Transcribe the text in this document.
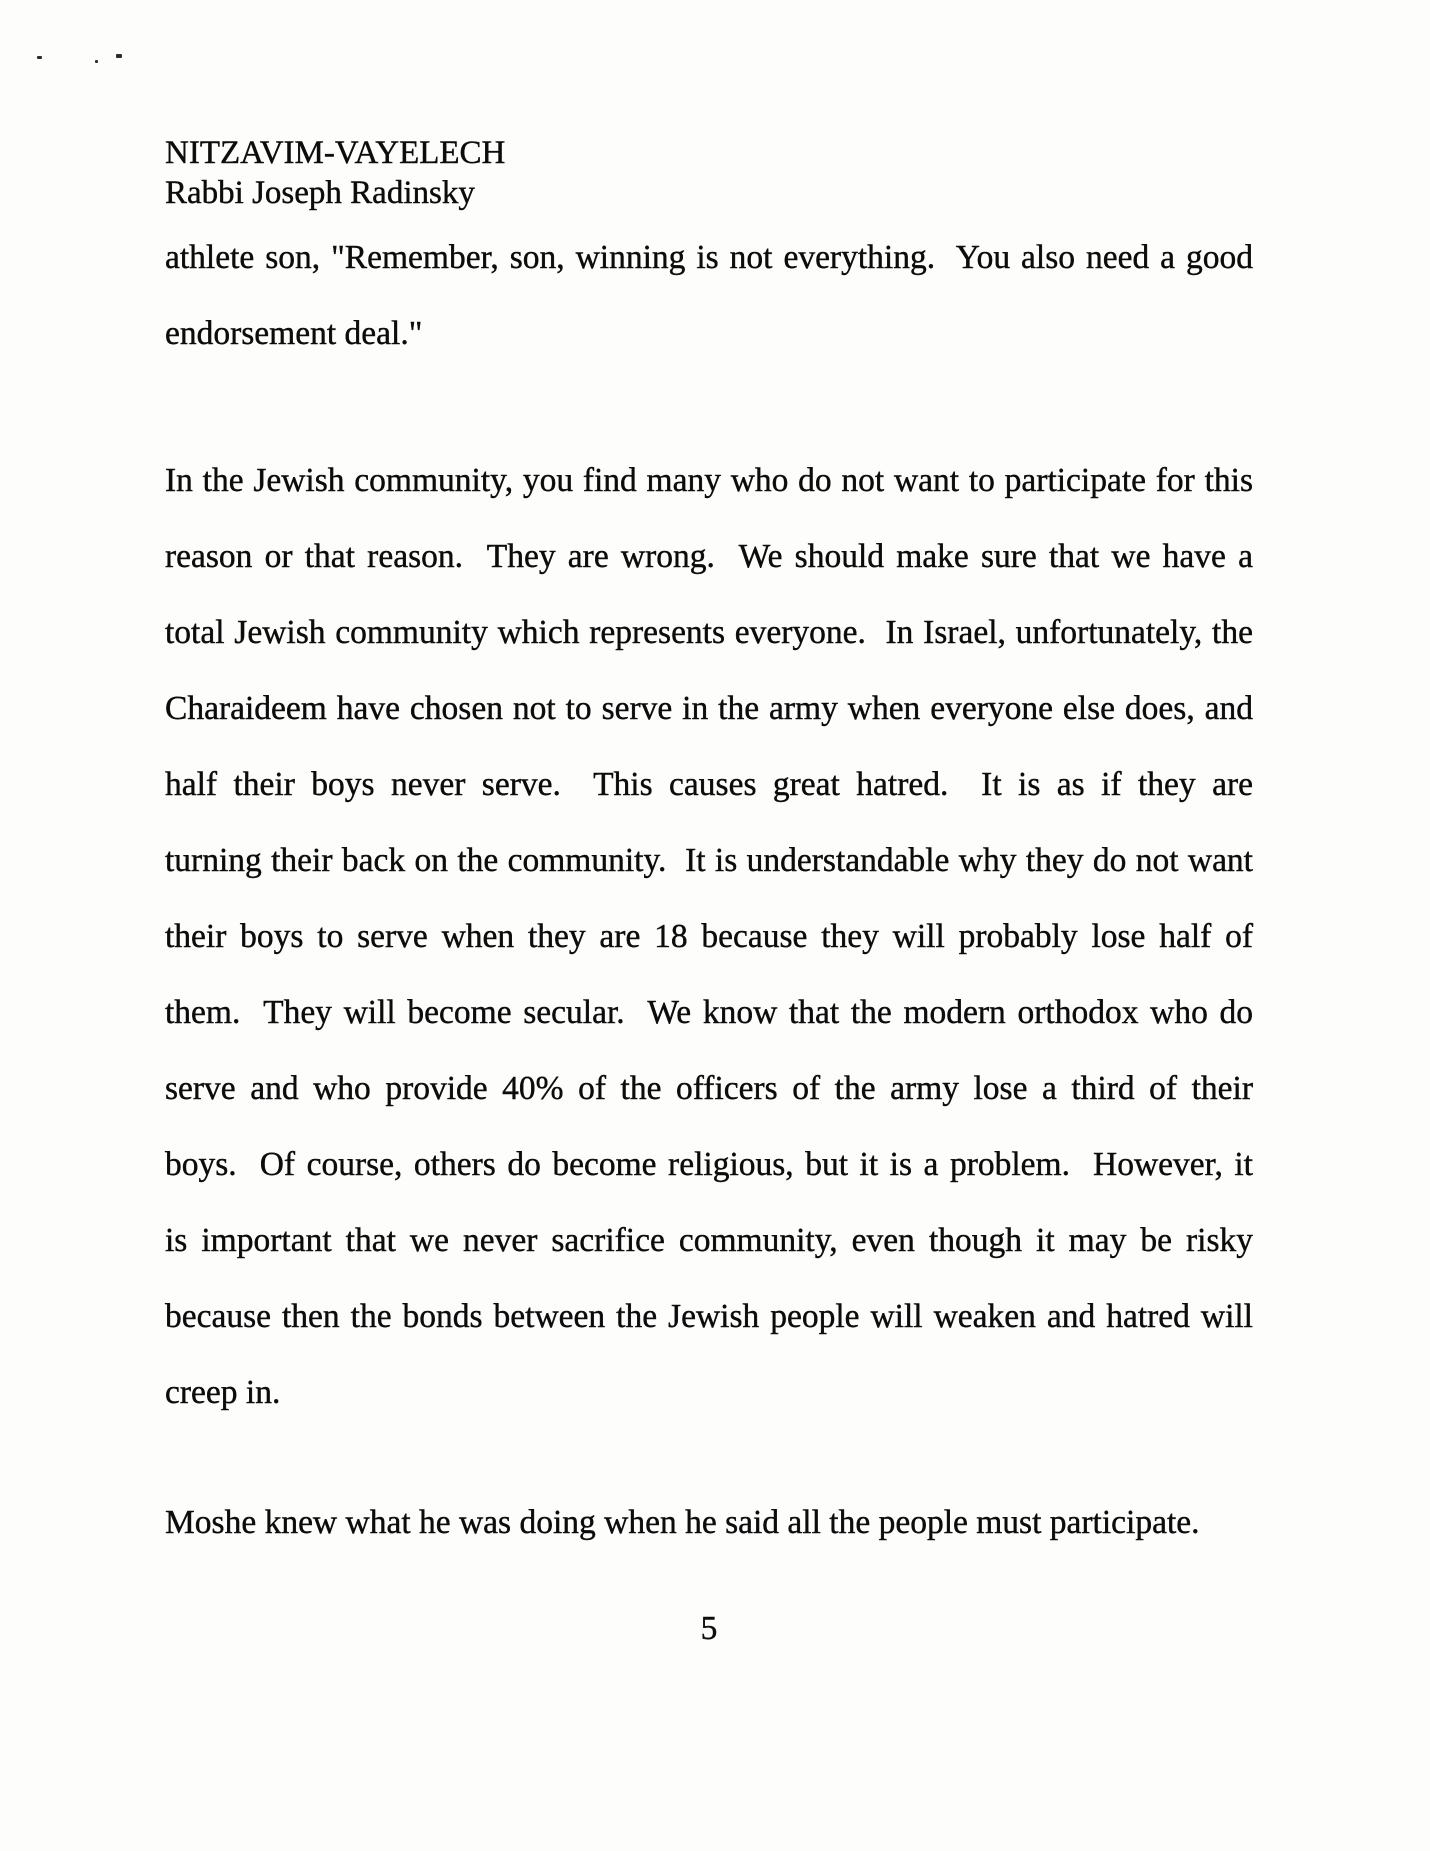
NITZAVIM-VAYELECH
Rabbi Joseph Radinsky
athlete son, "Remember, son, winning is not everything.  You also need a good
endorsement deal."
In the Jewish community, you find many who do not want to participate for this
reason or that reason.  They are wrong.  We should make sure that we have a
total Jewish community which represents everyone.  In Israel, unfortunately, the
Charaideem have chosen not to serve in the army when everyone else does, and
half their boys never serve.  This causes great hatred.  It is as if they are
turning their back on the community.  It is understandable why they do not want
their boys to serve when they are 18 because they will probably lose half of
them.  They will become secular.  We know that the modern orthodox who do
serve and who provide 40% of the officers of the army lose a third of their
boys.  Of course, others do become religious, but it is a problem.  However, it
is important that we never sacrifice community, even though it may be risky
because then the bonds between the Jewish people will weaken and hatred will
creep in.
Moshe knew what he was doing when he said all the people must participate.
5
